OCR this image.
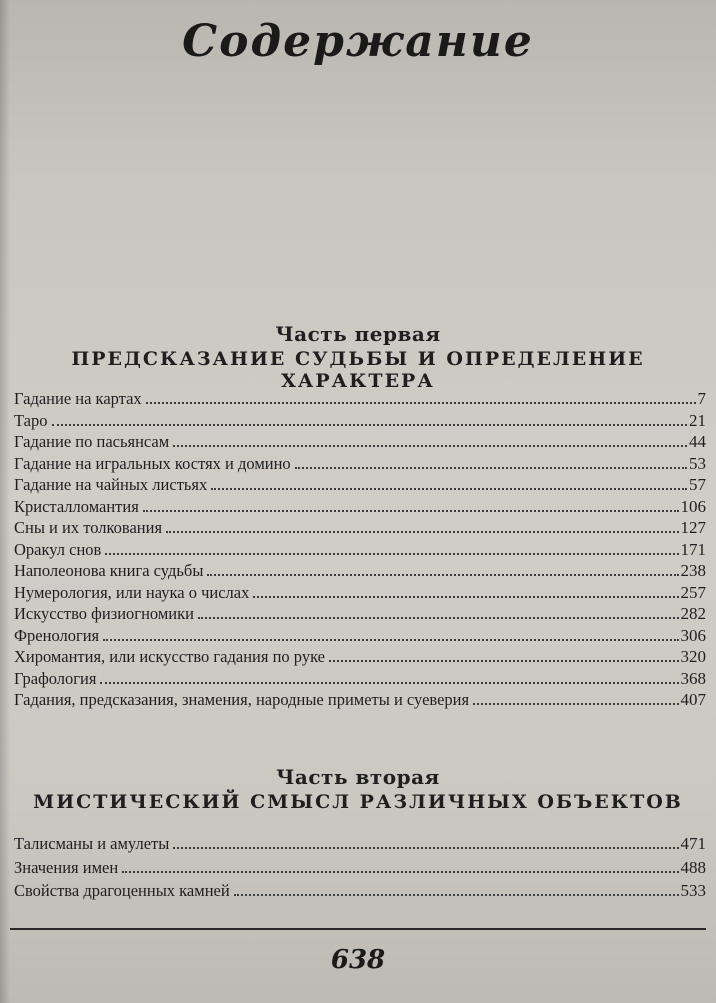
Содержание
Часть первая
ПРЕДСКАЗАНИЕ СУДЬБЫ И ОПРЕДЕЛЕНИЕ ХАРАКТЕРА
Гадание на картах	7
Таро	21
Гадание по пасьянсам	44
Гадание на игральных костях и домино	53
Гадание на чайных листьях	57
Кристалломантия	106
Сны и их толкования	127
Оракул снов	171
Наполеонова книга судьбы	238
Нумерология, или наука о числах	257
Искусство физиогномики	282
Френология	306
Хиромантия, или искусство гадания по руке	320
Графология	368
Гадания, предсказания, знамения, народные приметы и суеверия	407
Часть вторая
МИСТИЧЕСКИЙ СМЫСЛ РАЗЛИЧНЫХ ОБЪЕКТОВ
Талисманы и амулеты	471
Значения имен	488
Свойства драгоценных камней	533
638
